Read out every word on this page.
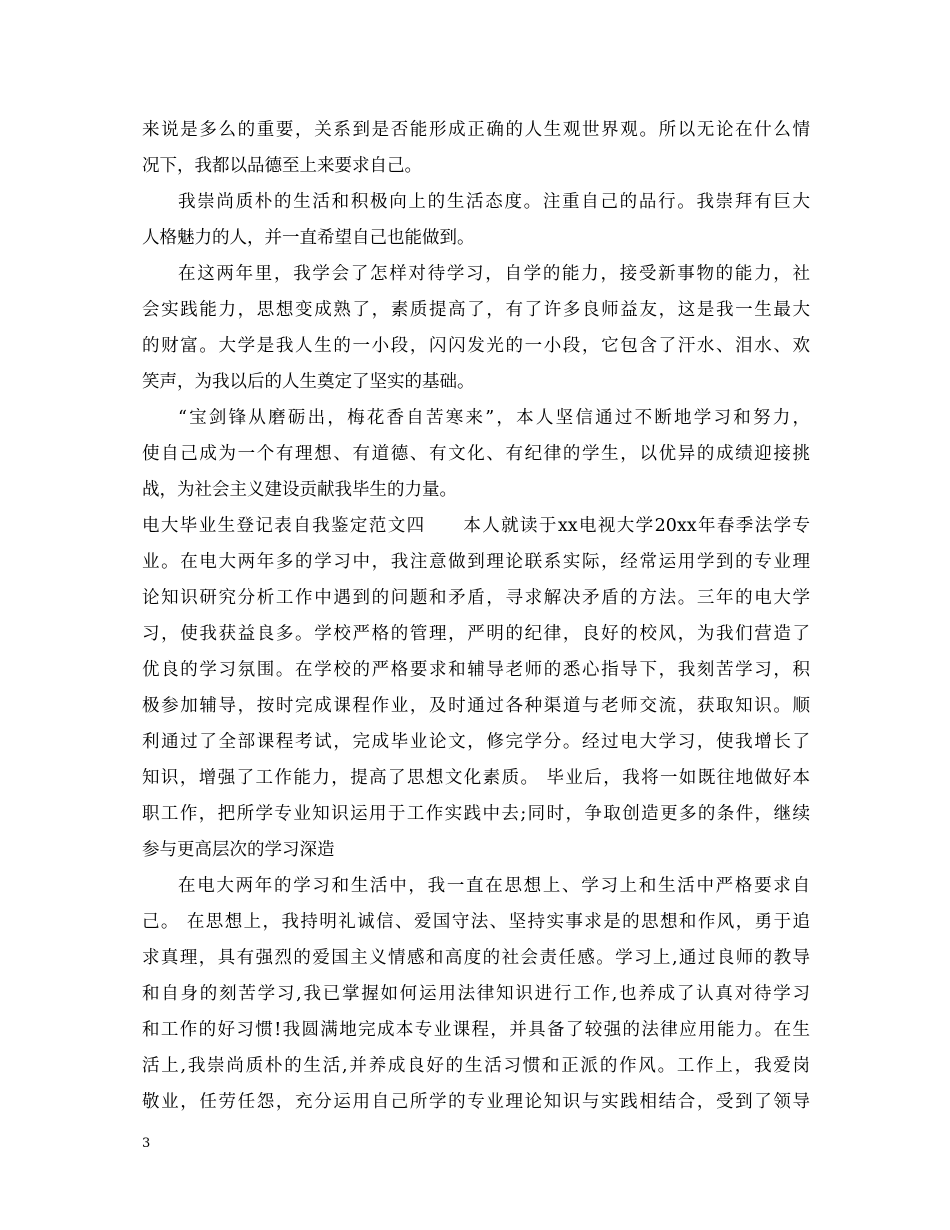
来说是多么的重要，关系到是否能形成正确的人生观世界观。所以无论在什么情
况下，我都以品德至上来要求自己。
我崇尚质朴的生活和积极向上的生活态度。注重自己的品行。我崇拜有巨大
人格魅力的人，并一直希望自己也能做到。
在这两年里，我学会了怎样对待学习，自学的能力，接受新事物的能力，社
会实践能力，思想变成熟了，素质提高了，有了许多良师益友，这是我一生最大
的财富。大学是我人生的一小段，闪闪发光的一小段，它包含了汗水、泪水、欢
笑声，为我以后的人生奠定了坚实的基础。
“宝剑锋从磨砺出，梅花香自苦寒来”，本人坚信通过不断地学习和努力，
使自己成为一个有理想、有道德、有文化、有纪律的学生，以优异的成绩迎接挑
战，为社会主义建设贡献我毕生的力量。
电大毕业生登记表自我鉴定范文四　　本人就读于xx电视大学20xx年春季法学专
业。在电大两年多的学习中，我注意做到理论联系实际，经常运用学到的专业理
论知识研究分析工作中遇到的问题和矛盾，寻求解决矛盾的方法。三年的电大学
习，使我获益良多。学校严格的管理，严明的纪律，良好的校风，为我们营造了
优良的学习氛围。在学校的严格要求和辅导老师的悉心指导下，我刻苦学习，积
极参加辅导，按时完成课程作业，及时通过各种渠道与老师交流，获取知识。顺
利通过了全部课程考试，完成毕业论文，修完学分。经过电大学习，使我增长了
知识，增强了工作能力，提高了思想文化素质。 毕业后，我将一如既往地做好本
职工作，把所学专业知识运用于工作实践中去;同时，争取创造更多的条件，继续
参与更高层次的学习深造
在电大两年的学习和生活中，我一直在思想上、学习上和生活中严格要求自
己。 在思想上，我持明礼诚信、爱国守法、坚持实事求是的思想和作风，勇于追
求真理，具有强烈的爱国主义情感和高度的社会责任感。学习上,通过良师的教导
和自身的刻苦学习,我已掌握如何运用法律知识进行工作,也养成了认真对待学习
和工作的好习惯!我圆满地完成本专业课程，并具备了较强的法律应用能力。在生
活上,我崇尚质朴的生活,并养成良好的生活习惯和正派的作风。工作上，我爱岗
敬业，任劳任怨，充分运用自己所学的专业理论知识与实践相结合，受到了领导
3
